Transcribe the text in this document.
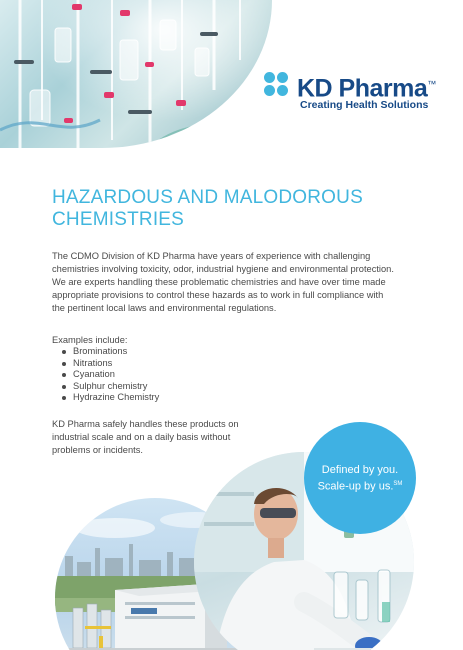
KD Pharma™
Creating Health Solutions
HAZARDOUS AND MALODOROUS
CHEMISTRIES

The CDMO Division of KD Pharma have years of experience with challenging chemistries involving toxicity, odor, industrial hygiene and environmental protection. We are experts handling these problematic chemistries and have over time made appropriate provisions to control these hazards as to work in full compliance with the pertinent local laws and environmental regulations.

Examples include:

Brominations
Nitrations
Cyanation
Sulphur chemistry
Hydrazine Chemistry

KD Pharma safely handles these products on industrial scale and on a daily basis without problems or incidents.

Defined by you.
Scale-up by us.℠
